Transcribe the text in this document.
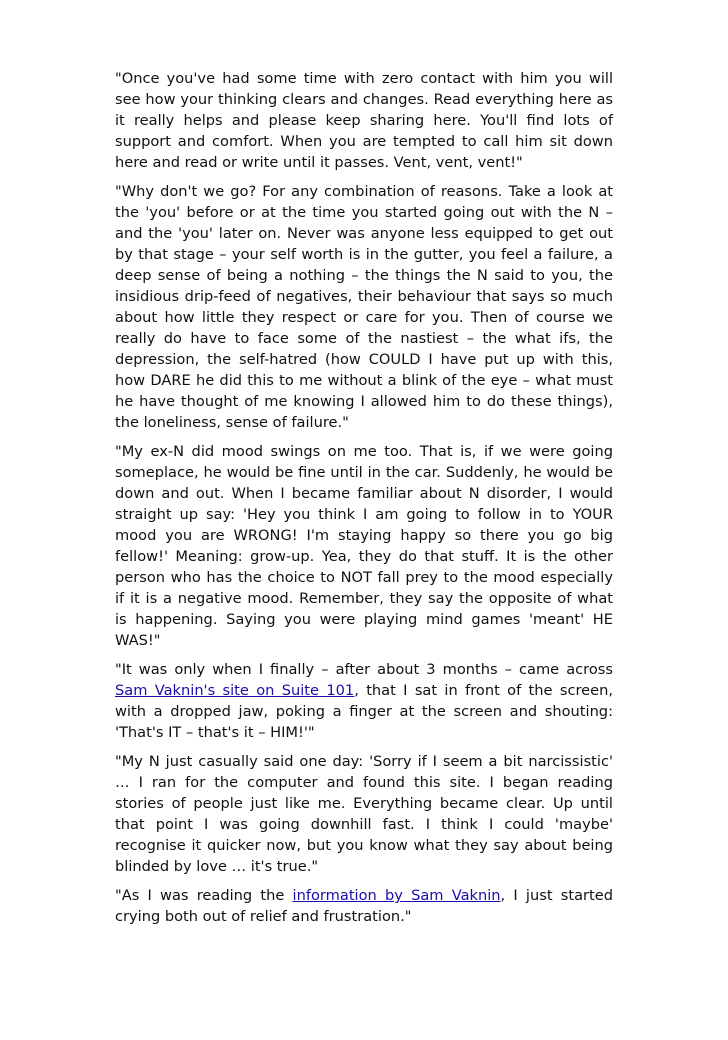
"Once you've had some time with zero contact with him you will see how your thinking clears and changes. Read everything here as it really helps and please keep sharing here. You'll find lots of support and comfort. When you are tempted to call him sit down here and read or write until it passes. Vent, vent, vent!"

"Why don't we go? For any combination of reasons. Take a look at the 'you' before or at the time you started going out with the N – and the 'you' later on. Never was anyone less equipped to get out by that stage – your self worth is in the gutter, you feel a failure, a deep sense of being a nothing – the things the N said to you, the insidious drip-feed of negatives, their behaviour that says so much about how little they respect or care for you. Then of course we really do have to face some of the nastiest – the what ifs, the depression, the self-hatred (how COULD I have put up with this, how DARE he did this to me without a blink of the eye – what must he have thought of me knowing I allowed him to do these things), the loneliness, sense of failure."

"My ex-N did mood swings on me too. That is, if we were going someplace, he would be fine until in the car. Suddenly, he would be down and out. When I became familiar about N disorder, I would straight up say: 'Hey you think I am going to follow in to YOUR mood you are WRONG! I'm staying happy so there you go big fellow!' Meaning: grow-up. Yea, they do that stuff. It is the other person who has the choice to NOT fall prey to the mood especially if it is a negative mood. Remember, they say the opposite of what is happening. Saying you were playing mind games 'meant' HE WAS!"

"It was only when I finally – after about 3 months – came across Sam Vaknin's site on Suite 101, that I sat in front of the screen, with a dropped jaw, poking a finger at the screen and shouting: 'That's IT – that's it – HIM!'"

"My N just casually said one day: 'Sorry if I seem a bit narcissistic' … I ran for the computer and found this site. I began reading stories of people just like me. Everything became clear. Up until that point I was going downhill fast. I think I could 'maybe' recognise it quicker now, but you know what they say about being blinded by love … it's true."

"As I was reading the information by Sam Vaknin, I just started crying both out of relief and frustration."
